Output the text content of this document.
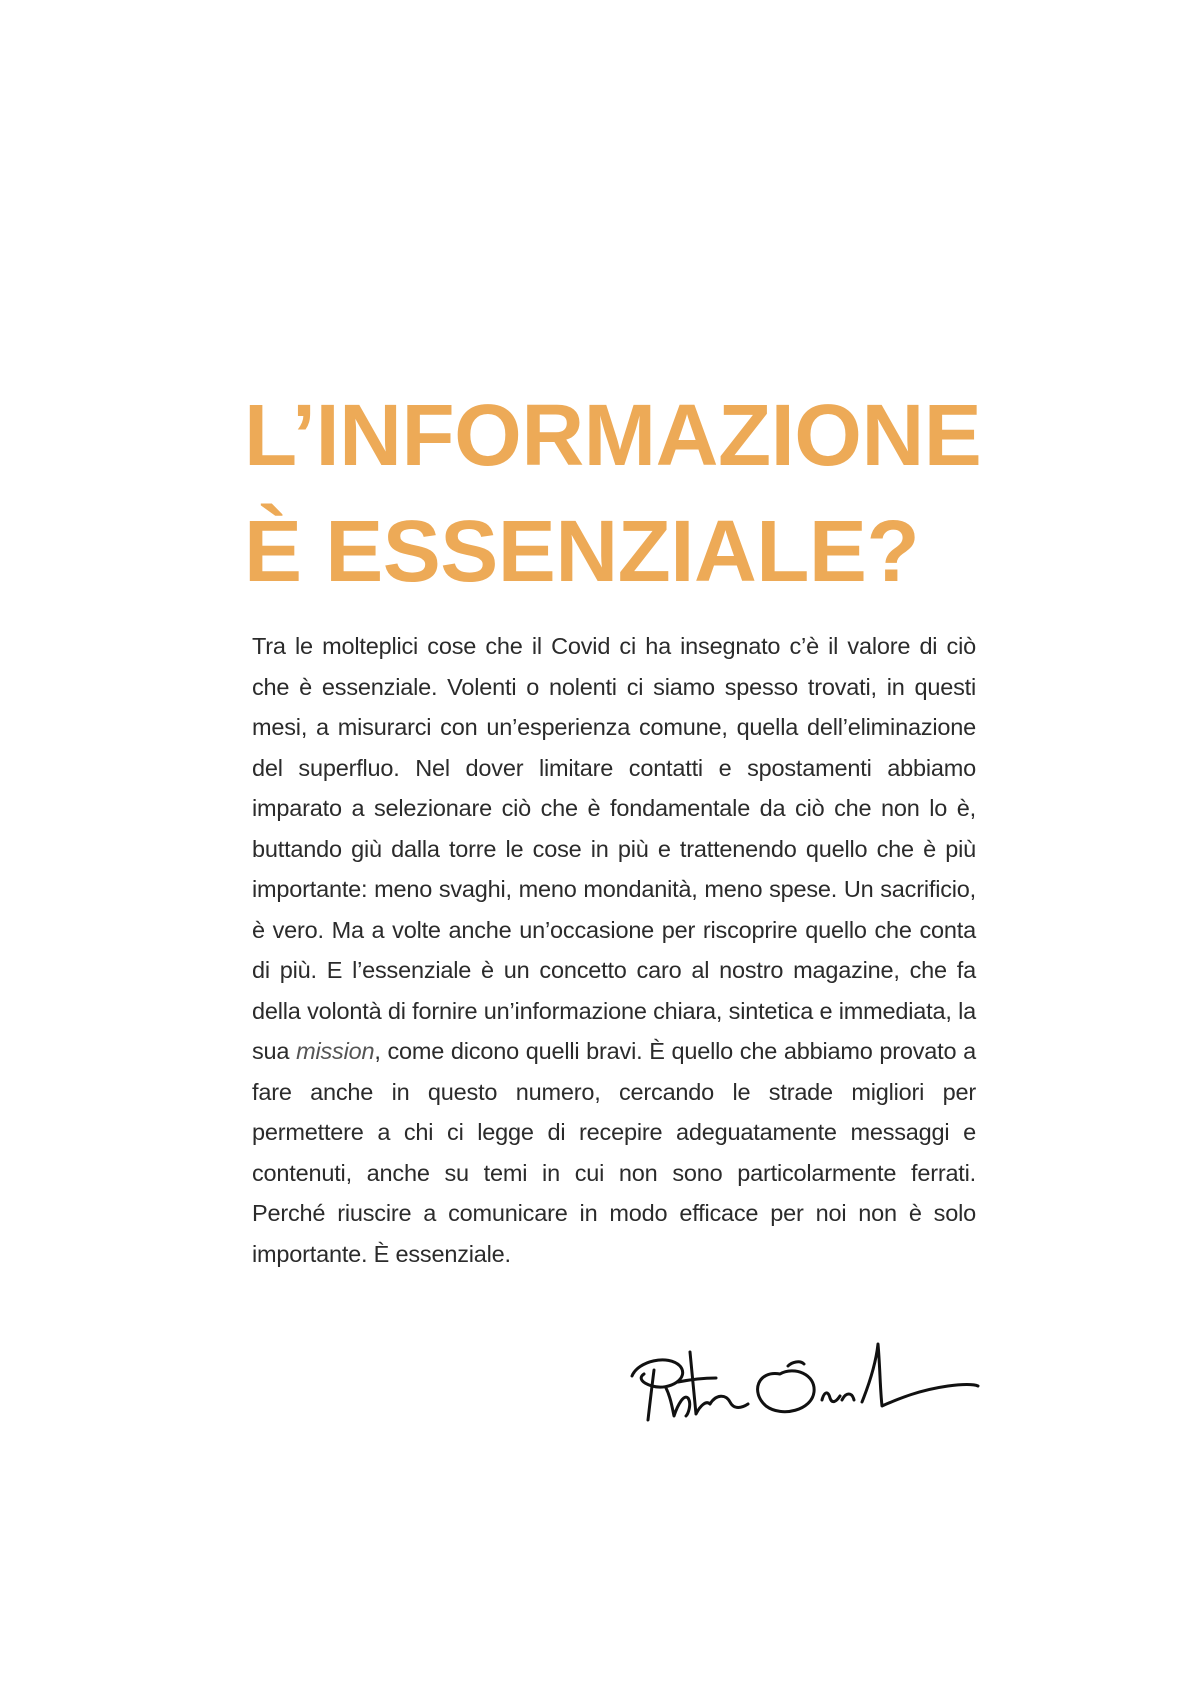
L’INFORMAZIONE
È ESSENZIALE?

Tra le molteplici cose che il Covid ci ha insegnato c’è il valore di ciò che è essenziale. Volenti o nolenti ci siamo spesso trovati, in questi mesi, a misurarci con un’esperienza comune, quella dell’eliminazione del superfluo. Nel dover limitare contatti e spostamenti abbiamo imparato a selezionare ciò che è fondamentale da ciò che non lo è, buttando giù dalla torre le cose in più e trattenendo quello che è più importante: meno svaghi, meno mondanità, meno spese. Un sacrificio, è vero. Ma a volte anche un’occasione per riscoprire quello che conta di più. E l’essenziale è un concetto caro al nostro magazine, che fa della volontà di fornire un’informazione chiara, sintetica e immediata, la sua mission, come dicono quelli bravi. È quello che abbiamo provato a fare anche in questo numero, cercando le strade migliori per permettere a chi ci legge di recepire adeguatamente messaggi e contenuti, anche su temi in cui non sono particolarmente ferrati. Perché riuscire a comunicare in modo efficace per noi non è solo importante. È essenziale.
